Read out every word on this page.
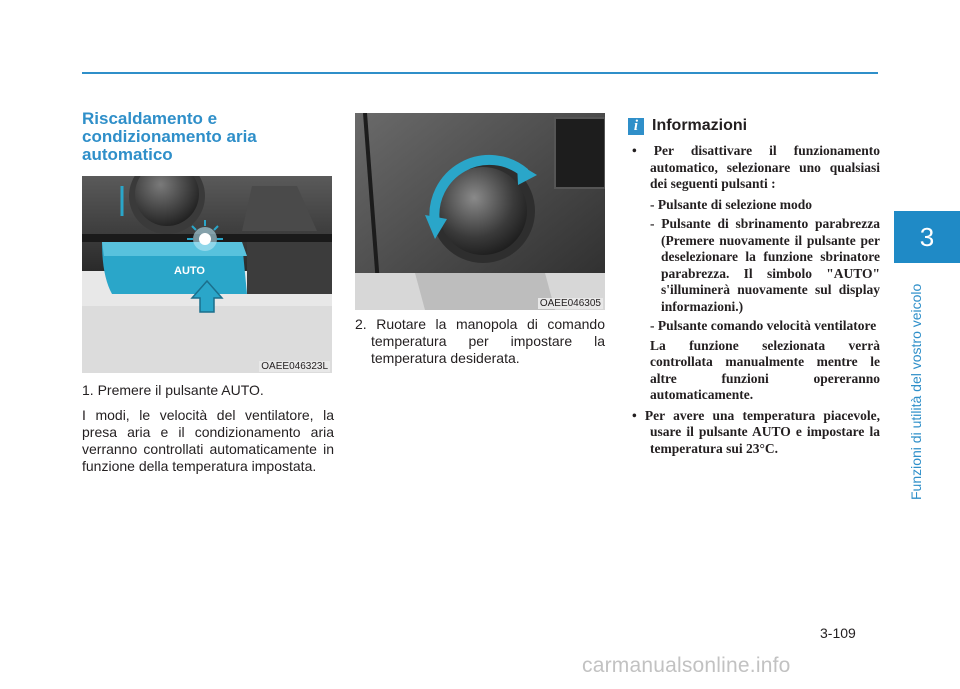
3
Funzioni di utilità del vostro veicolo
Riscaldamento e condizionamento aria automatico
AUTO
OAEE046323L

1. Premere il pulsante AUTO.

I modi, le velocità del ventilatore, la presa aria e il condizionamento aria verranno controllati automaticamente in funzione della temperatura impostata.

OAEE046305

2. Ruotare la manopola di comando temperatura per impostare la temperatura desiderata.

i Informazioni

• Per disattivare il funzionamento automatico, selezionare uno qualsiasi dei seguenti pulsanti :

- Pulsante di selezione modo

- Pulsante di sbrinamento parabrezza (Premere nuovamente il pulsante per deselezionare la funzione sbrinatore parabrezza. Il simbolo "AUTO" s'illuminerà nuovamente sul display informazioni.)

- Pulsante comando velocità ventilatore

La funzione selezionata verrà controllata manualmente mentre le altre funzioni opereranno automaticamente.

• Per avere una temperatura piacevole, usare il pulsante AUTO e impostare la temperatura sui 23°C.

3-109
carmanualsonline.info
